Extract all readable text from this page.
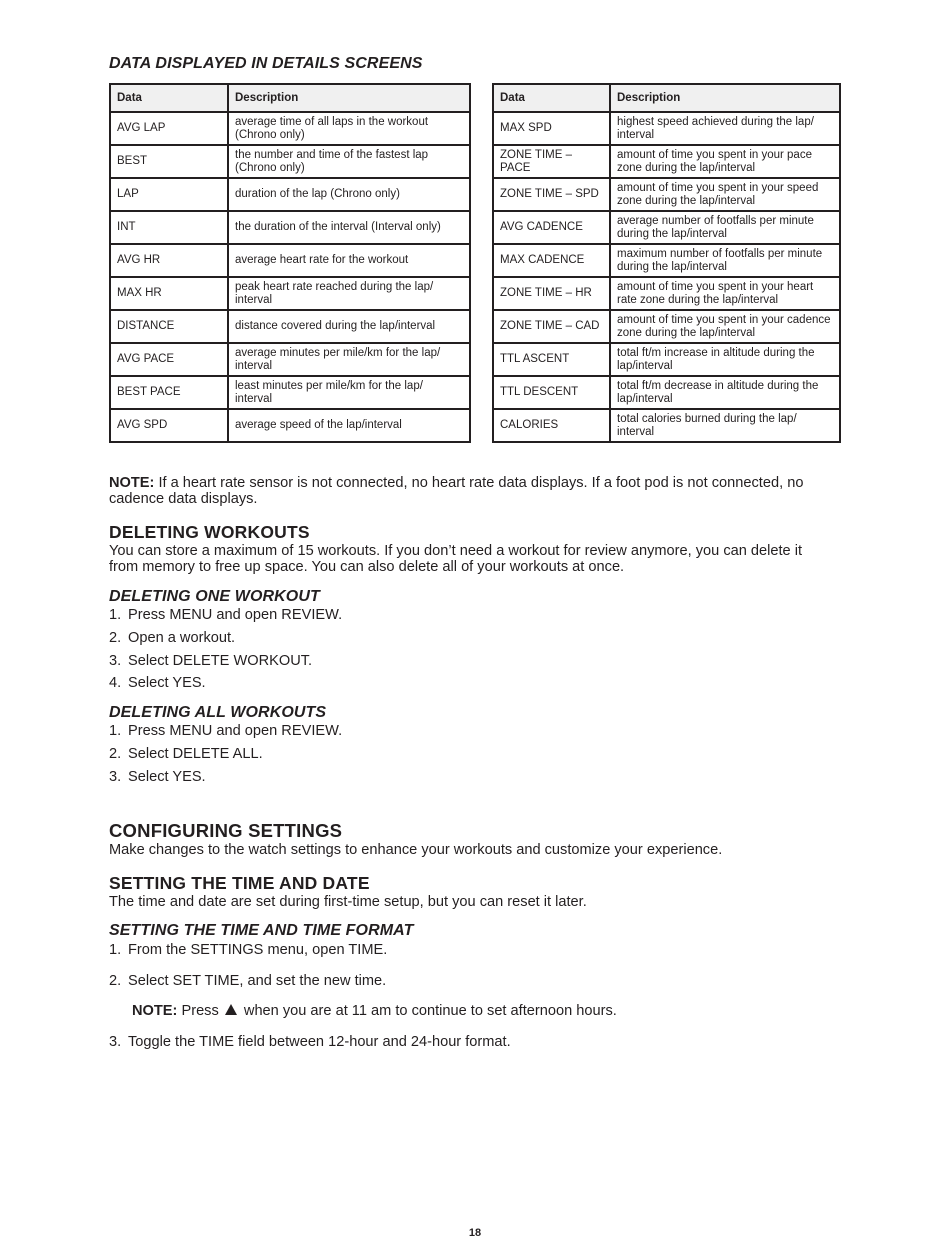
DATA DISPLAYED IN DETAILS SCREENS
Data	Description
AVG LAP	average time of all laps in the workout (Chrono only)
BEST	the number and time of the fastest lap (Chrono only)
LAP	duration of the lap (Chrono only)
INT	the duration of the interval (Interval only)
AVG HR	average heart rate for the workout
MAX HR	peak heart rate reached during the lap/ interval
DISTANCE	distance covered during the lap/interval
AVG PACE	average minutes per mile/km for the lap/ interval
BEST PACE	least minutes per mile/km for the lap/ interval
AVG SPD	average speed of the lap/interval
Data	Description
MAX SPD	highest speed achieved during the lap/ interval
ZONE TIME – PACE	amount of time you spent in your pace zone during the lap/interval
ZONE TIME – SPD	amount of time you spent in your speed zone during the lap/interval
AVG CADENCE	average number of footfalls per minute during the lap/interval
MAX CADENCE	maximum number of footfalls per minute during the lap/interval
ZONE TIME – HR	amount of time you spent in your heart rate zone during the lap/interval
ZONE TIME – CAD	amount of time you spent in your cadence zone during the lap/interval
TTL ASCENT	total ft/m increase in altitude during the lap/interval
TTL DESCENT	total ft/m decrease in altitude during the lap/interval
CALORIES	total calories burned during the lap/ interval
NOTE: If a heart rate sensor is not connected, no heart rate data displays. If a foot pod is not connected, no
cadence data displays.
DELETING WORKOUTS
You can store a maximum of 15 workouts. If you don’t need a workout for review anymore, you can delete it
from memory to free up space. You can also delete all of your workouts at once.
DELETING ONE WORKOUT
1. Press MENU and open REVIEW.
2. Open a workout.
3. Select DELETE WORKOUT.
4. Select YES.
DELETING ALL WORKOUTS
1. Press MENU and open REVIEW.
2. Select DELETE ALL.
3. Select YES.
CONFIGURING SETTINGS
Make changes to the watch settings to enhance your workouts and customize your experience.
SETTING THE TIME AND DATE
The time and date are set during first-time setup, but you can reset it later.
SETTING THE TIME AND TIME FORMAT
1. From the SETTINGS menu, open TIME.
2. Select SET TIME, and set the new time.
NOTE: Press when you are at 11 am to continue to set afternoon hours.
3. Toggle the TIME field between 12-hour and 24-hour format.
18
